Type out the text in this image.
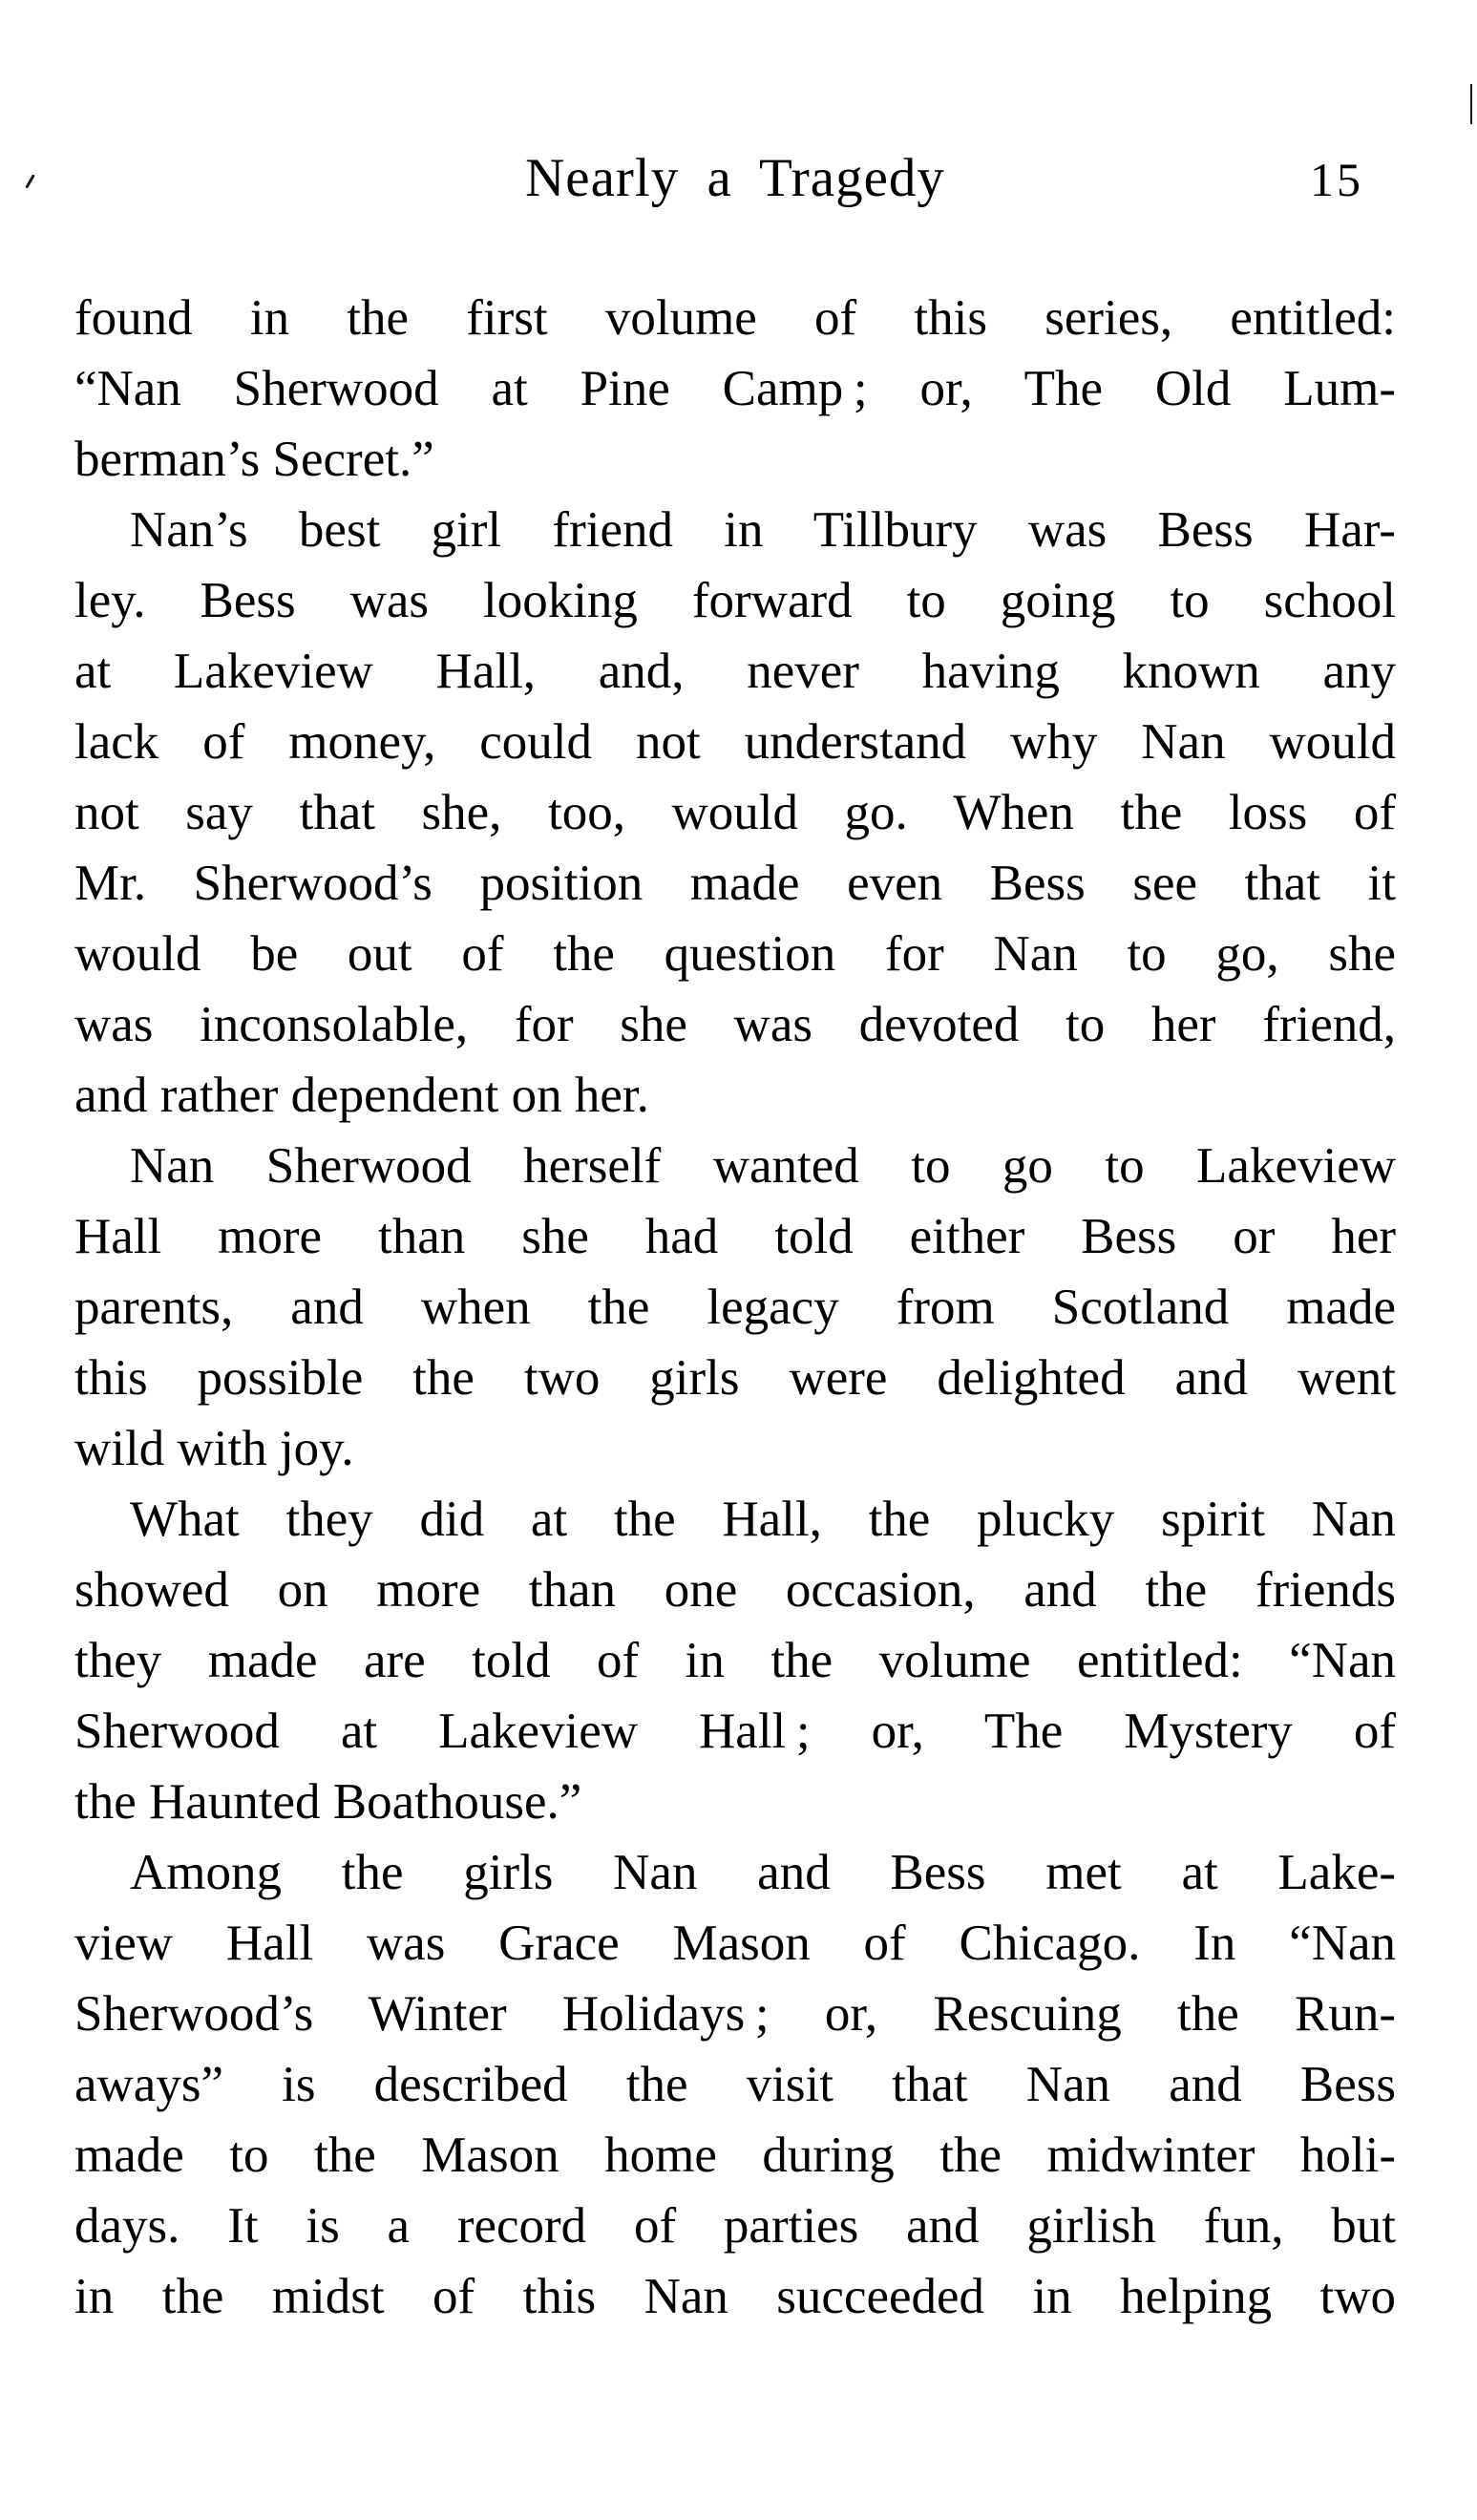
Nearly a Tragedy	15
found in the first volume of this series, entitled:
“Nan Sherwood at Pine Camp ; or, The Old Lum-
berman’s Secret.”
Nan’s best girl friend in Tillbury was Bess Har-
ley. Bess was looking forward to going to school
at Lakeview Hall, and, never having known any
lack of money, could not understand why Nan would
not say that she, too, would go. When the loss of
Mr. Sherwood’s position made even Bess see that it
would be out of the question for Nan to go, she
was inconsolable, for she was devoted to her friend,
and rather dependent on her.
Nan Sherwood herself wanted to go to Lakeview
Hall more than she had told either Bess or her
parents, and when the legacy from Scotland made
this possible the two girls were delighted and went
wild with joy.
What they did at the Hall, the plucky spirit Nan
showed on more than one occasion, and the friends
they made are told of in the volume entitled: “Nan
Sherwood at Lakeview Hall ; or, The Mystery of
the Haunted Boathouse.”
Among the girls Nan and Bess met at Lake-
view Hall was Grace Mason of Chicago. In “Nan
Sherwood’s Winter Holidays ; or, Rescuing the Run-
aways” is described the visit that Nan and Bess
made to the Mason home during the midwinter holi-
days. It is a record of parties and girlish fun, but
in the midst of this Nan succeeded in helping two
